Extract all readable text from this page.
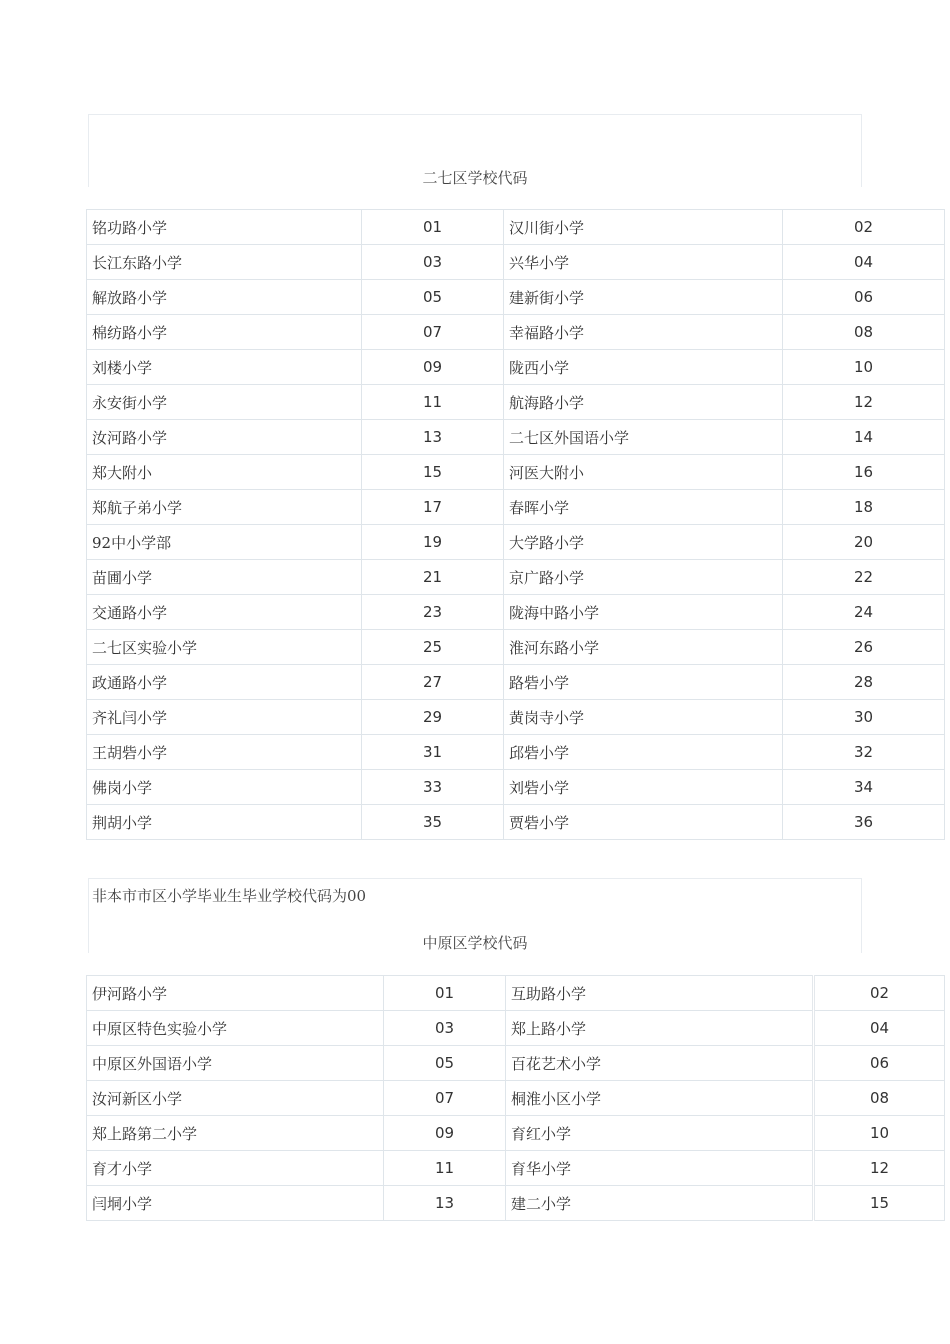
二七区学校代码
铭功路小学	01	汉川街小学	02
长江东路小学	03	兴华小学	04
解放路小学	05	建新街小学	06
棉纺路小学	07	幸福路小学	08
刘楼小学	09	陇西小学	10
永安街小学	11	航海路小学	12
汝河路小学	13	二七区外国语小学	14
郑大附小	15	河医大附小	16
郑航子弟小学	17	春晖小学	18
92中小学部	19	大学路小学	20
苗圃小学	21	京广路小学	22
交通路小学	23	陇海中路小学	24
二七区实验小学	25	淮河东路小学	26
政通路小学	27	路砦小学	28
齐礼闫小学	29	黄岗寺小学	30
王胡砦小学	31	邱砦小学	32
佛岗小学	33	刘砦小学	34
荆胡小学	35	贾砦小学	36
非本市市区小学毕业生毕业学校代码为00
中原区学校代码
伊河路小学	01	互助路小学	02
中原区特色实验小学	03	郑上路小学	04
中原区外国语小学	05	百花艺术小学	06
汝河新区小学	07	桐淮小区小学	08
郑上路第二小学	09	育红小学	10
育才小学	11	育华小学	12
闫垌小学	13	建二小学	15
